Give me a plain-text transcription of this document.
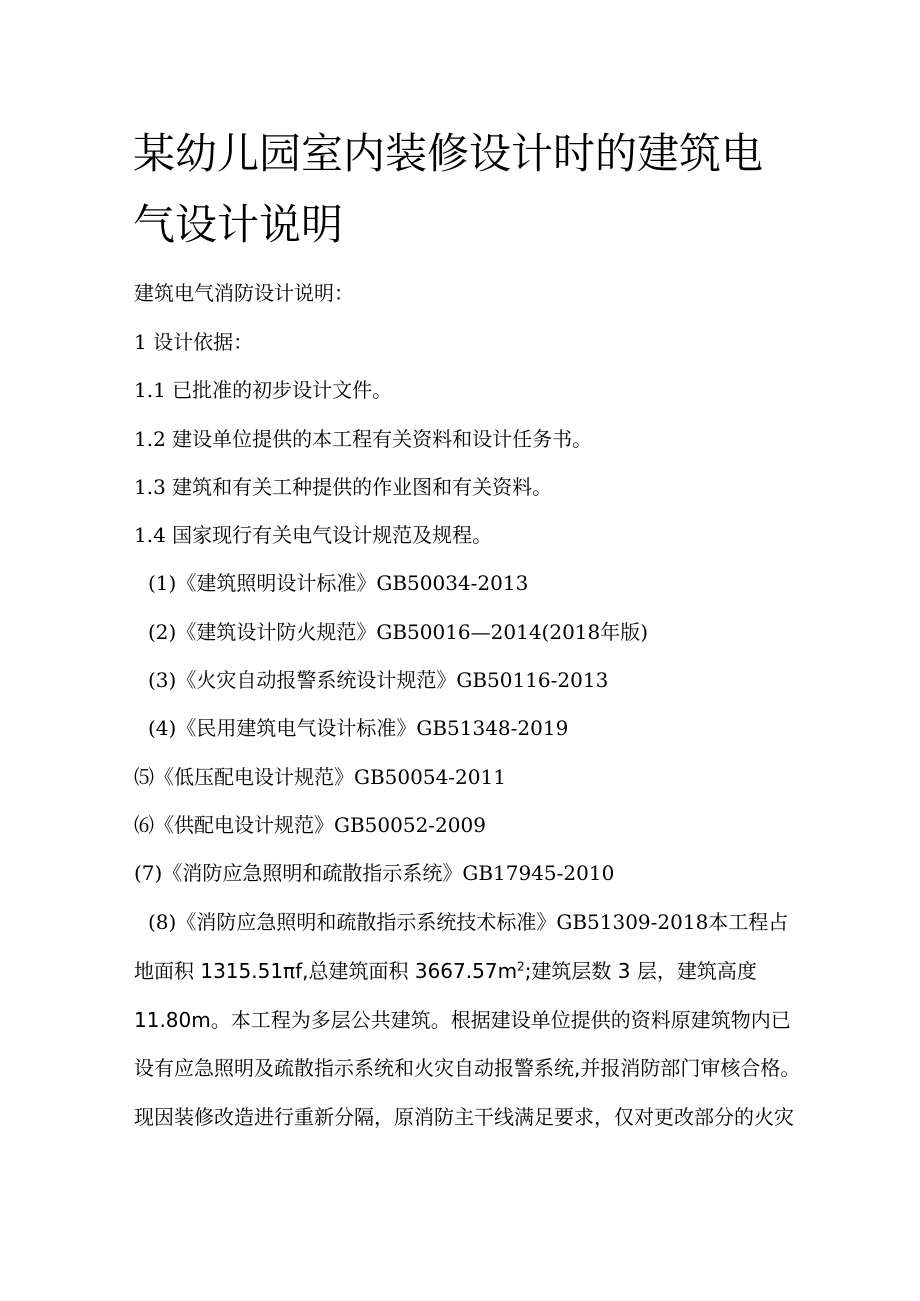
某幼儿园室内装修设计时的建筑电
气设计说明
建筑电气消防设计说明：
1 设计依据：
1.1 已批准的初步设计文件。
1.2 建设单位提供的本工程有关资料和设计任务书。
1.3 建筑和有关工种提供的作业图和有关资料。
1.4 国家现行有关电气设计规范及规程。
(1)《建筑照明设计标准》GB50034-2013
(2)《建筑设计防火规范》GB50016—2014(2018年版)
(3)《火灾自动报警系统设计规范》GB50116-2013
(4)《民用建筑电气设计标准》GB51348-2019
⑸《低压配电设计规范》GB50054-2011
⑹《供配电设计规范》GB50052-2009
(7)《消防应急照明和疏散指示系统》GB17945-2010
(8)《消防应急照明和疏散指示系统技术标准》GB51309-2018本工程占
地面积 1315.51πf,总建筑面积 $3667.57m^2$;建筑层数 3 层，建筑高度
11.80m。本工程为多层公共建筑。根据建设单位提供的资料原建筑物内已
设有应急照明及疏散指示系统和火灾自动报警系统,并报消防部门审核合格。
现因装修改造进行重新分隔，原消防主干线满足要求，仅对更改部分的火灾
